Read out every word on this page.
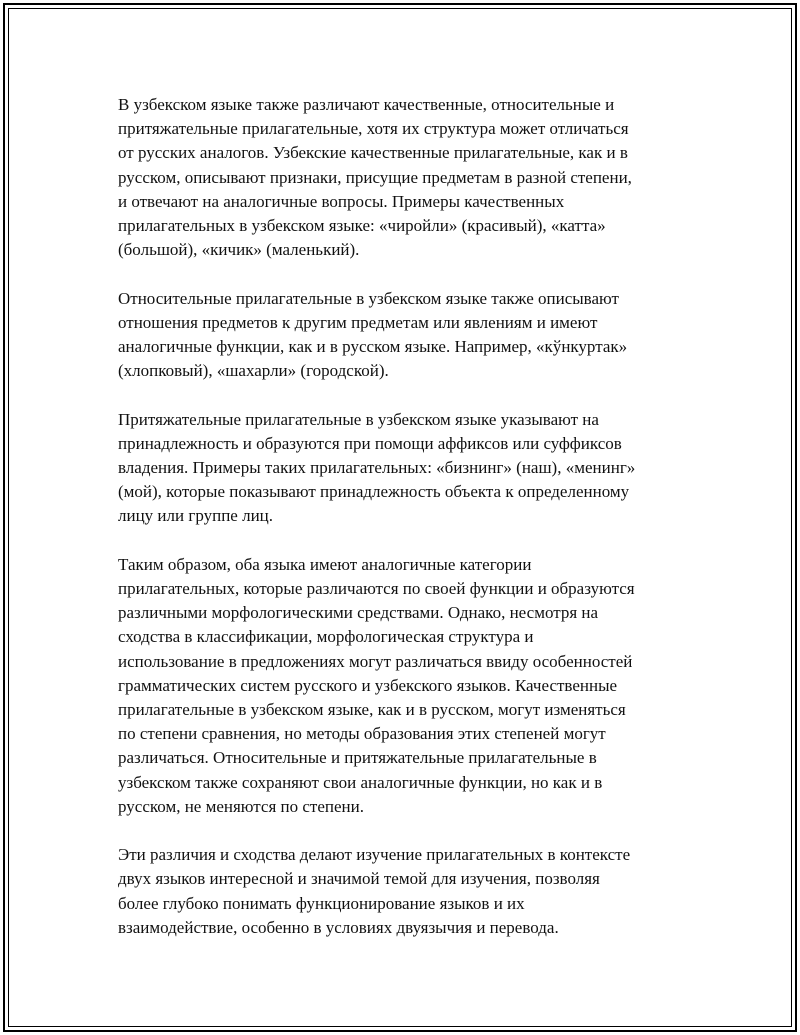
В узбекском языке также различают качественные, относительные и
притяжательные прилагательные, хотя их структура может отличаться
от русских аналогов. Узбекские качественные прилагательные, как и в
русском, описывают признаки, присущие предметам в разной степени,
и отвечают на аналогичные вопросы. Примеры качественных
прилагательных в узбекском языке: «чиройли» (красивый), «катта»
(большой), «кичик» (маленький).

Относительные прилагательные в узбекском языке также описывают
отношения предметов к другим предметам или явлениям и имеют
аналогичные функции, как и в русском языке. Например, «кўнкуртак»
(хлопковый), «шахарли» (городской).

Притяжательные прилагательные в узбекском языке указывают на
принадлежность и образуются при помощи аффиксов или суффиксов
владения. Примеры таких прилагательных: «бизнинг» (наш), «менинг»
(мой), которые показывают принадлежность объекта к определенному
лицу или группе лиц.

Таким образом, оба языка имеют аналогичные категории
прилагательных, которые различаются по своей функции и образуются
различными морфологическими средствами. Однако, несмотря на
сходства в классификации, морфологическая структура и
использование в предложениях могут различаться ввиду особенностей
грамматических систем русского и узбекского языков. Качественные
прилагательные в узбекском языке, как и в русском, могут изменяться
по степени сравнения, но методы образования этих степеней могут
различаться. Относительные и притяжательные прилагательные в
узбекском также сохраняют свои аналогичные функции, но как и в
русском, не меняются по степени.

Эти различия и сходства делают изучение прилагательных в контексте
двух языков интересной и значимой темой для изучения, позволяя
более глубоко понимать функционирование языков и их
взаимодействие, особенно в условиях двуязычия и перевода.
